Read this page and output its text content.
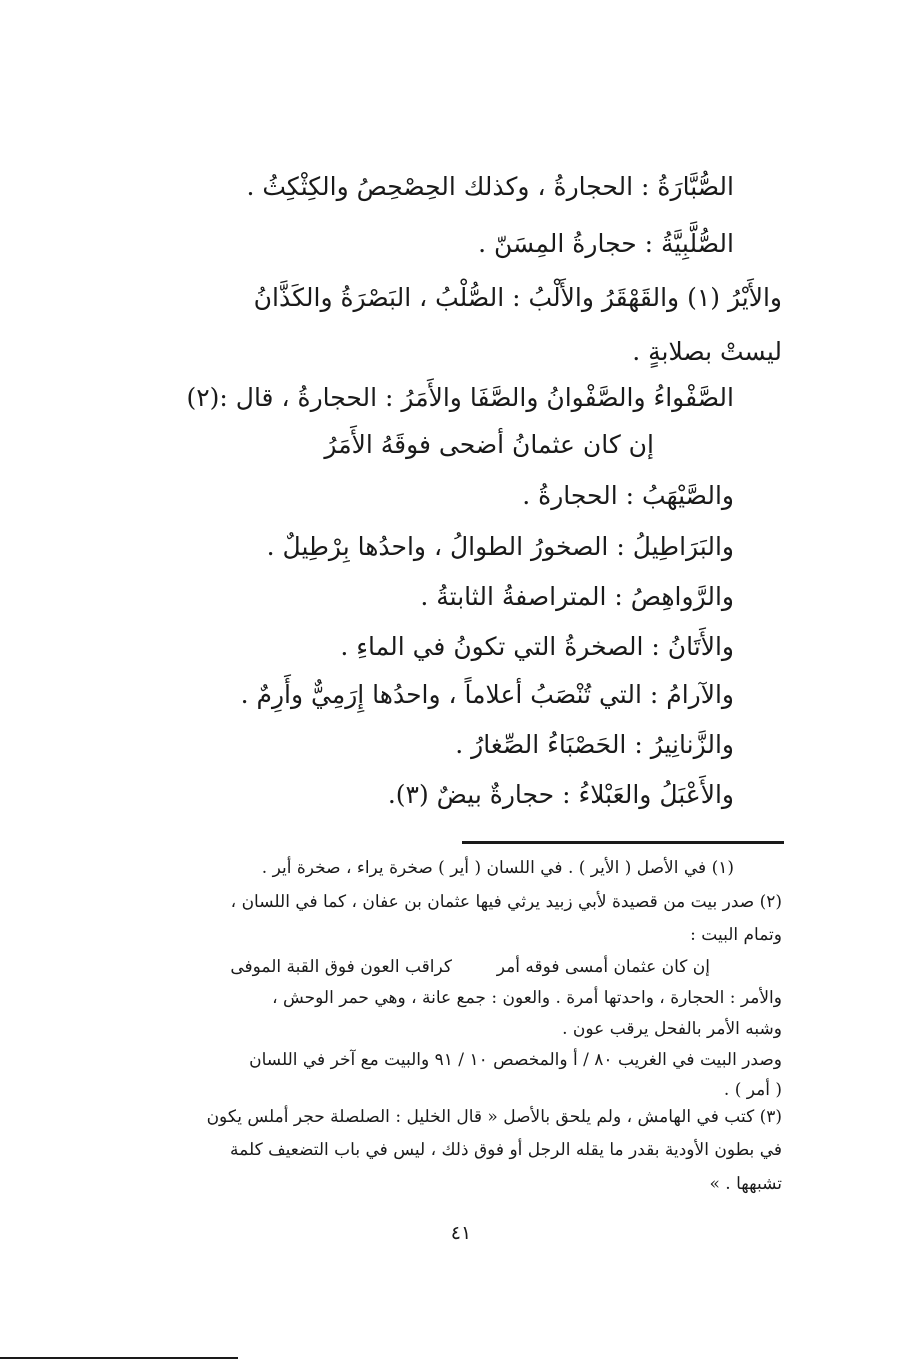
الصُّبَّارَةُ : الحجارةُ ، وكذلك الحِصْحِصُ والكِثْكِثُ .
الصُّلَّبِيَّةُ : حجارةُ المِسَنّ .
والأَيْرُ (١) والقَهْقَرُ والأَلْبُ : الصُّلْبُ ، البَصْرَةُ والكَذَّانُ
ليستْ بصلابةٍ .
الصَّفْواءُ والصَّفْوانُ والصَّفَا والأَمَرُ : الحجارةُ ، قال :(٢)
إن كان عثمانُ أضحى فوقَهُ الأَمَرُ
والصَّيْهَبُ : الحجارةُ .
والبَرَاطِيلُ : الصخورُ الطوالُ ، واحدُها بِرْطِيلٌ .
والرَّواهِصُ : المتراصفةُ الثابتةُ .
والأَتَانُ : الصخرةُ التي تكونُ في الماءِ .
والآرامُ : التي تُنْصَبُ أعلاماً ، واحدُها إِرَمِيٌّ وأَرِمٌ .
والزَّنانِيرُ : الحَصْبَاءُ الصِّغارُ .
والأَعْبَلُ والعَبْلاءُ : حجارةٌ بيضٌ (٣).
(١) في الأصل ( الأير ) . في اللسان ( أير ) صخرة يراء ، صخرة أير .
(٢) صدر بيت من قصيدة لأبي زبيد يرثي فيها عثمان بن عفان ، كما في اللسان ،
وتمام البيت :
إن كان عثمان أمسى فوقه أمر
كراقب العون فوق القبة الموفى
والأمر : الحجارة ، واحدتها أمرة . والعون : جمع عانة ، وهي حمر الوحش ،
وشبه الأمر بالفحل يرقب عون .
وصدر البيت في الغريب ٨٠ / أ والمخصص ١٠ / ٩١ والبيت مع آخر في اللسان
( أمر ) .
(٣) كتب في الهامش ، ولم يلحق بالأصل « قال الخليل : الصلصلة حجر أملس يكون
في بطون الأودية بقدر ما يقله الرجل أو فوق ذلك ، ليس في باب التضعيف كلمة
تشبهها . »
٤١
